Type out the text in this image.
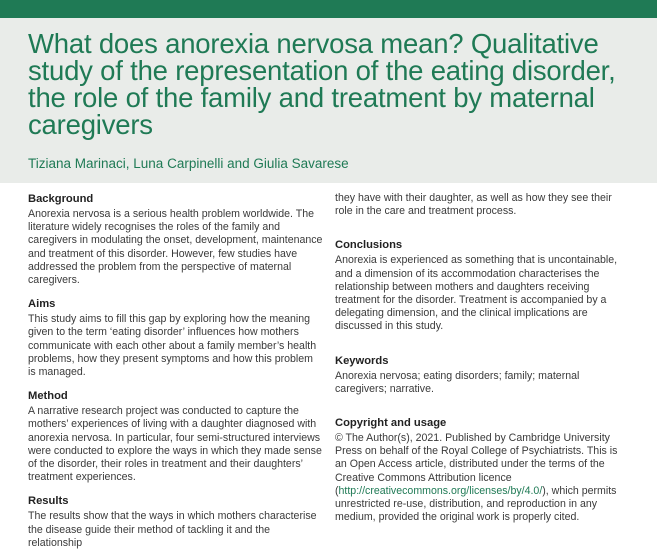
What does anorexia nervosa mean? Qualitative study of the representation of the eating disorder, the role of the family and treatment by maternal caregivers
Tiziana Marinaci, Luna Carpinelli and Giulia Savarese
Background

Anorexia nervosa is a serious health problem worldwide. The literature widely recognises the roles of the family and caregivers in modulating the onset, development, maintenance and treatment of this disorder. However, few studies have addressed the problem from the perspective of maternal caregivers.

Aims

This study aims to fill this gap by exploring how the meaning given to the term ‘eating disorder’ influences how mothers communicate with each other about a family member’s health problems, how they present symptoms and how this problem is managed.

Method

A narrative research project was conducted to capture the mothers’ experiences of living with a daughter diagnosed with anorexia nervosa. In particular, four semi-structured interviews were conducted to explore the ways in which they made sense of the disorder, their roles in treatment and their daughters’ treatment experiences.

Results

The results show that the ways in which mothers characterise the disease guide their method of tackling it and the relationship

they have with their daughter, as well as how they see their role in the care and treatment process.

Conclusions

Anorexia is experienced as something that is uncontainable, and a dimension of its accommodation characterises the relationship between mothers and daughters receiving treatment for the disorder. Treatment is accompanied by a delegating dimension, and the clinical implications are discussed in this study.

Keywords

Anorexia nervosa; eating disorders; family; maternal caregivers; narrative.

Copyright and usage

© The Author(s), 2021. Published by Cambridge University Press on behalf of the Royal College of Psychiatrists. This is an Open Access article, distributed under the terms of the Creative Commons Attribution licence (http://creativecommons.org/licenses/by/4.0/), which permits unrestricted re-use, distribution, and reproduction in any medium, provided the original work is properly cited.
